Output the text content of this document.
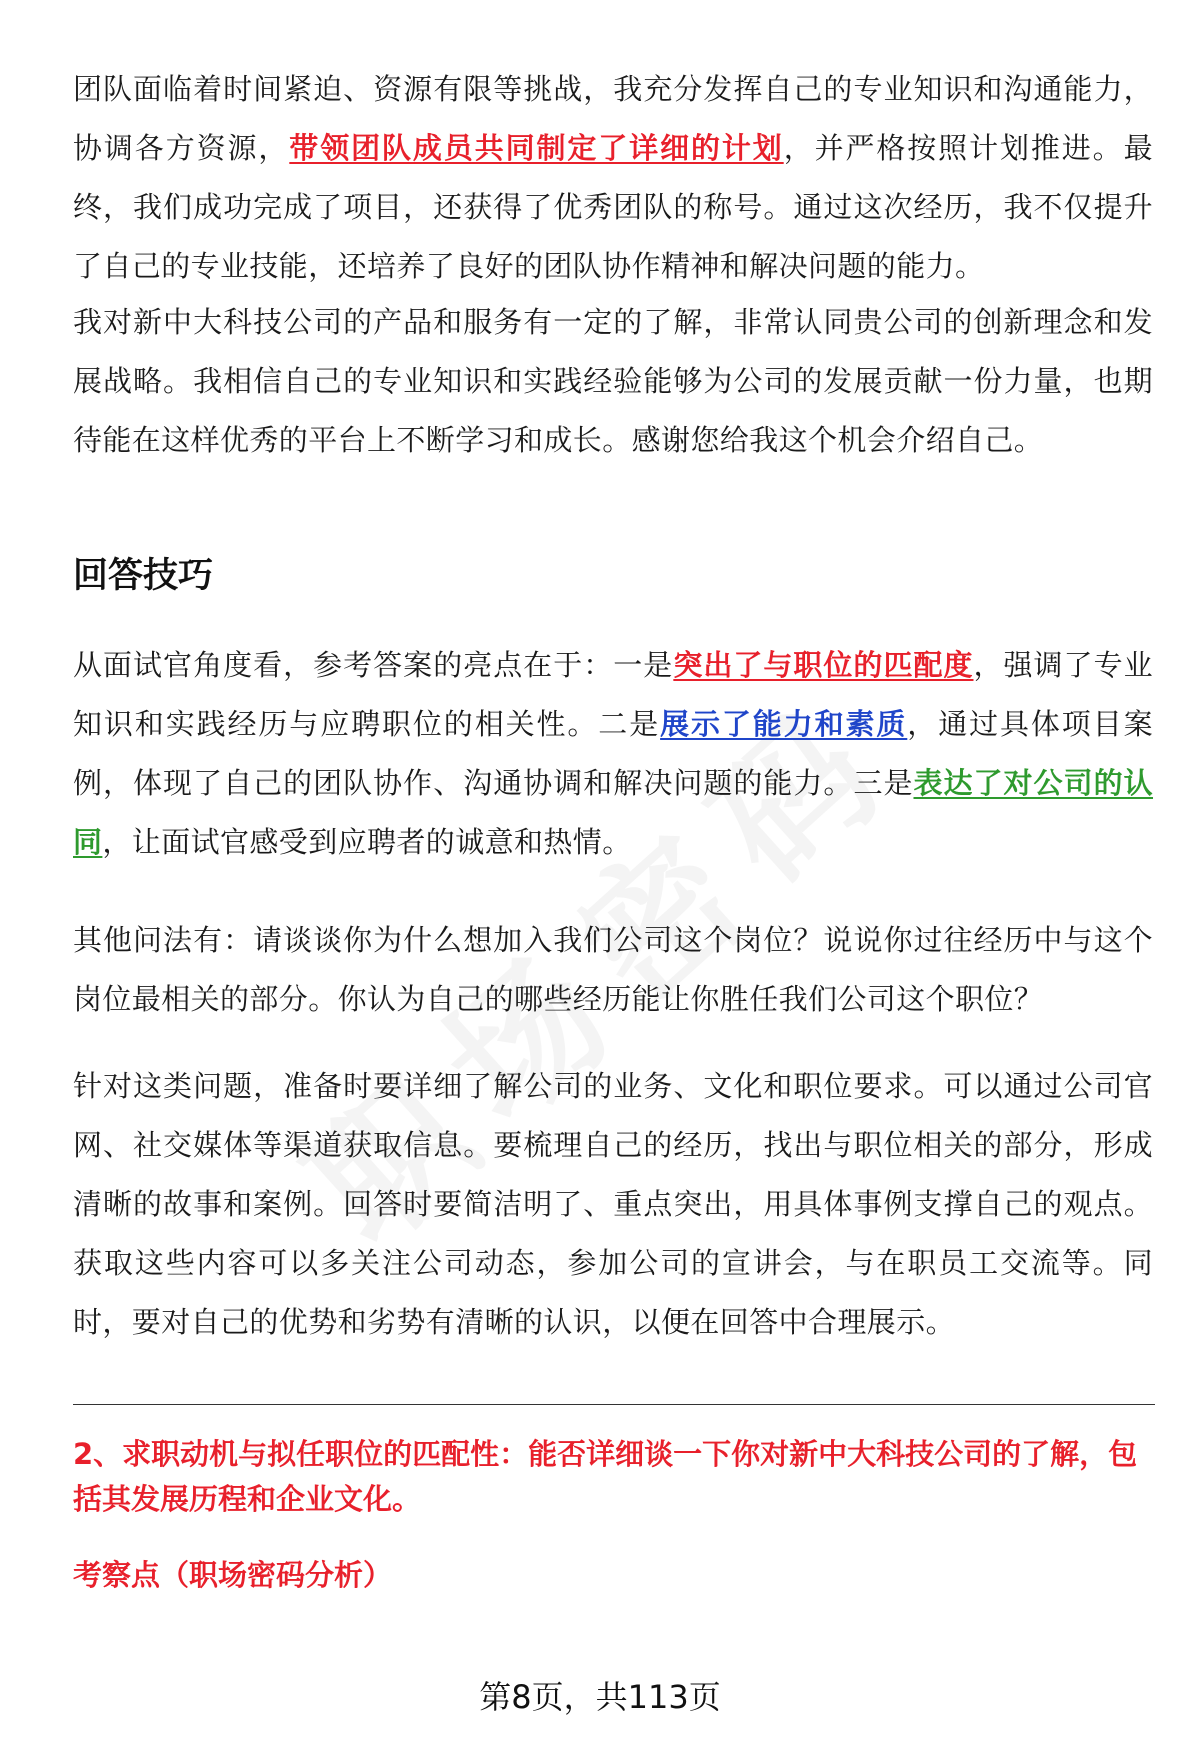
团队面临着时间紧迫、资源有限等挑战，我充分发挥自己的专业知识和沟通能力，协调各方资源，带领团队成员共同制定了详细的计划，并严格按照计划推进。最终，我们成功完成了项目，还获得了优秀团队的称号。通过这次经历，我不仅提升了自己的专业技能，还培养了良好的团队协作精神和解决问题的能力。

我对新中大科技公司的产品和服务有一定的了解，非常认同贵公司的创新理念和发展战略。我相信自己的专业知识和实践经验能够为公司的发展贡献一份力量，也期待能在这样优秀的平台上不断学习和成长。感谢您给我这个机会介绍自己。

回答技巧

从面试官角度看，参考答案的亮点在于：一是突出了与职位的匹配度，强调了专业知识和实践经历与应聘职位的相关性。二是展示了能力和素质，通过具体项目案例，体现了自己的团队协作、沟通协调和解决问题的能力。三是表达了对公司的认同，让面试官感受到应聘者的诚意和热情。

其他问法有：请谈谈你为什么想加入我们公司这个岗位？说说你过往经历中与这个岗位最相关的部分。你认为自己的哪些经历能让你胜任我们公司这个职位？

针对这类问题，准备时要详细了解公司的业务、文化和职位要求。可以通过公司官网、社交媒体等渠道获取信息。要梳理自己的经历，找出与职位相关的部分，形成清晰的故事和案例。回答时要简洁明了、重点突出，用具体事例支撑自己的观点。获取这些内容可以多关注公司动态，参加公司的宣讲会，与在职员工交流等。同时，要对自己的优势和劣势有清晰的认识，以便在回答中合理展示。

2、求职动机与拟任职位的匹配性：能否详细谈一下你对新中大科技公司的了解，包括其发展历程和企业文化。

考察点（职场密码分析）

第8页，共113页
